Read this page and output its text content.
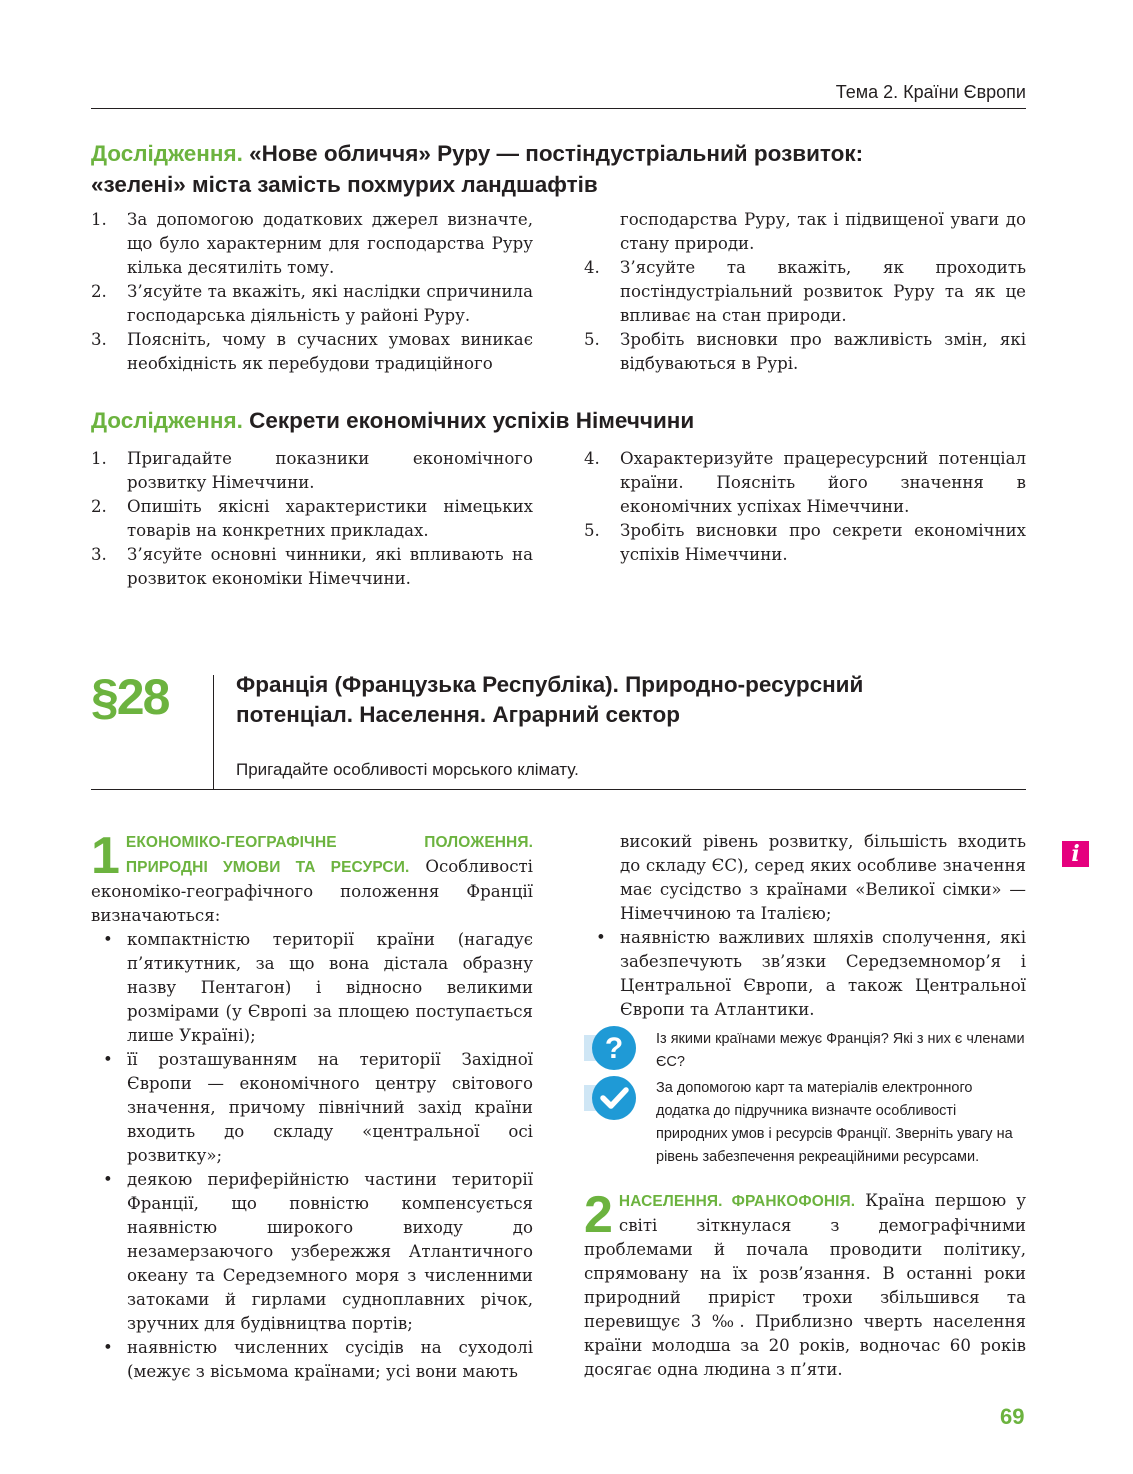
Тема 2. Країни Європи
Дослідження. «Нове обличчя» Руру — постіндустріальний розвиток:
«зелені» міста замість похмурих ландшафтів
1. За допомогою додаткових джерел визначте, що було характерним для господарства Руру кілька десятиліть тому.
2. З’ясуйте та вкажіть, які наслідки спричинила господарська діяльність у районі Руру.
3. Поясніть, чому в сучасних умовах виникає необхідність як перебудови традиційного
господарства Руру, так і підвищеної уваги до стану природи.
4. З’ясуйте та вкажіть, як проходить постіндустріальний розвиток Руру та як це впливає на стан природи.
5. Зробіть висновки про важливість змін, які відбуваються в Рурі.
Дослідження. Секрети економічних успіхів Німеччини
1. Пригадайте показники економічного розвитку Німеччини.
2. Опишіть якісні характеристики німецьких товарів на конкретних прикладах.
3. З’ясуйте основні чинники, які впливають на розвиток економіки Німеччини.
4. Охарактеризуйте працересурсний потенціал країни. Поясніть його значення в економічних успіхах Німеччини.
5. Зробіть висновки про секрети економічних успіхів Німеччини.
§28	Франція (Французька Республіка). Природно-ресурсний
потенціал. Населення. Аграрний сектор
Пригадайте особливості морського клімату.

1 ЕКОНОМІКО-ГЕОГРАФІЧНЕ ПОЛОЖЕННЯ. ПРИРОДНІ УМОВИ ТА РЕСУРСИ. Особливості економіко-географічного положення Франції визначаються:

• компактністю території країни (нагадує п’ятикутник, за що вона дістала образну назву Пентагон) і відносно великими розмірами (у Європі за площею поступається лише Україні);
• її розташуванням на території Західної Європи — економічного центру світового значення, причому північний захід країни входить до складу «центральної осі розвитку»;
• деякою периферійністю частини території Франції, що повністю компенсується наявністю широкого виходу до незамерзаючого узбережжя Атлантичного океану та Середземного моря з численними затоками й гирлами судноплавних річок, зручних для будівництва портів;
• наявністю численних сусідів на суходолі (межує з вісьмома країнами; усі вони мають

високий рівень розвитку, більшість входить до складу ЄС), серед яких особливе значення має сусідство з країнами «Великої сімки» — Німеччиною та Італією;

• наявністю важливих шляхів сполучення, які забезпечують зв’язки Середземномор’я і Центральної Європи, а також Центральної Європи та Атлантики.
? Із якими країнами межує Франція? Які з них є членами ЄС?
За допомогою карт та матеріалів електронного додатка до підручника визначте особливості природних умов і ресурсів Франції. Зверніть увагу на рівень забезпечення рекреаційними ресурсами.

2 НАСЕЛЕННЯ. ФРАНКОФОНІЯ. Країна першою у світі зіткнулася з демографічними проблемами й почала проводити політику, спрямовану на їх розв’язання. В останні роки природний приріст трохи збільшився та перевищує 3 ‰. Приблизно чверть населення країни молодша за 20 років, водночас 60 років досягає одна людина з п’яти.

i
69
